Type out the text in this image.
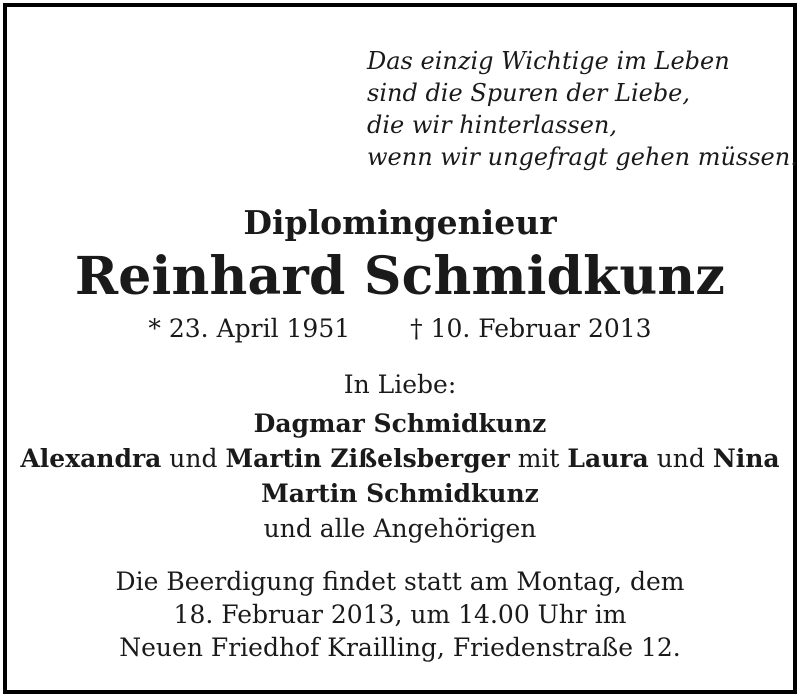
Das einzig Wichtige im Leben
sind die Spuren der Liebe,
die wir hinterlassen,
wenn wir ungefragt gehen müssen.
Diplomingenieur
Reinhard Schmidkunz
* 23. April 1951 † 10. Februar 2013
In Liebe:
Dagmar Schmidkunz
Alexandra und Martin Zißelsberger mit Laura und Nina
Martin Schmidkunz
und alle Angehörigen
Die Beerdigung findet statt am Montag, dem
18. Februar 2013, um 14.00 Uhr im
Neuen Friedhof Krailling, Friedenstraße 12.
